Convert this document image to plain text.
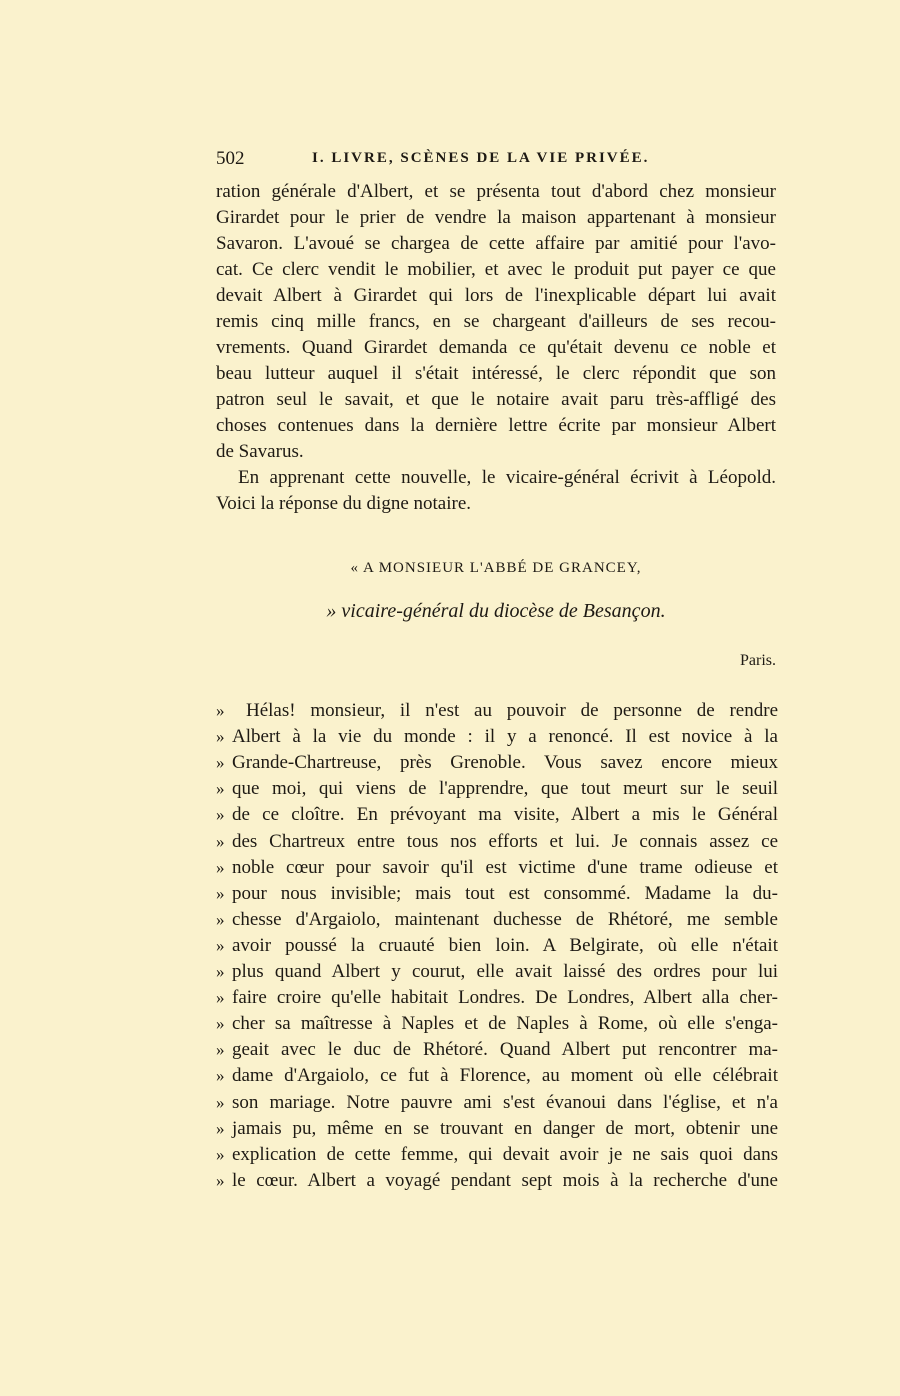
502	I. LIVRE, SCÈNES DE LA VIE PRIVÉE.
ration générale d'Albert, et se présenta tout d'abord chez monsieur
Girardet pour le prier de vendre la maison appartenant à monsieur
Savaron. L'avoué se chargea de cette affaire par amitié pour l'avo-
cat. Ce clerc vendit le mobilier, et avec le produit put payer ce que
devait Albert à Girardet qui lors de l'inexplicable départ lui avait
remis cinq mille francs, en se chargeant d'ailleurs de ses recou-
vrements. Quand Girardet demanda ce qu'était devenu ce noble et
beau lutteur auquel il s'était intéressé, le clerc répondit que son
patron seul le savait, et que le notaire avait paru très-affligé des
choses contenues dans la dernière lettre écrite par monsieur Albert
de Savarus.
En apprenant cette nouvelle, le vicaire-général écrivit à Léopold.
Voici la réponse du digne notaire.
» Hélas! monsieur, il n'est au pouvoir de personne de rendre
» Albert à la vie du monde : il y a renoncé. Il est novice à la
» Grande-Chartreuse, près Grenoble. Vous savez encore mieux
» que moi, qui viens de l'apprendre, que tout meurt sur le seuil
» de ce cloître. En prévoyant ma visite, Albert a mis le Général
» des Chartreux entre tous nos efforts et lui. Je connais assez ce
» noble cœur pour savoir qu'il est victime d'une trame odieuse et
» pour nous invisible; mais tout est consommé. Madame la du-
» chesse d'Argaiolo, maintenant duchesse de Rhétoré, me semble
» avoir poussé la cruauté bien loin. A Belgirate, où elle n'était
» plus quand Albert y courut, elle avait laissé des ordres pour lui
» faire croire qu'elle habitait Londres. De Londres, Albert alla cher-
» cher sa maîtresse à Naples et de Naples à Rome, où elle s'enga-
» geait avec le duc de Rhétoré. Quand Albert put rencontrer ma-
» dame d'Argaiolo, ce fut à Florence, au moment où elle célébrait
» son mariage. Notre pauvre ami s'est évanoui dans l'église, et n'a
» jamais pu, même en se trouvant en danger de mort, obtenir une
» explication de cette femme, qui devait avoir je ne sais quoi dans
» le cœur. Albert a voyagé pendant sept mois à la recherche d'une
« A MONSIEUR L'ABBÉ DE GRANCEY,
» vicaire-général du diocèse de Besançon.
Paris.
